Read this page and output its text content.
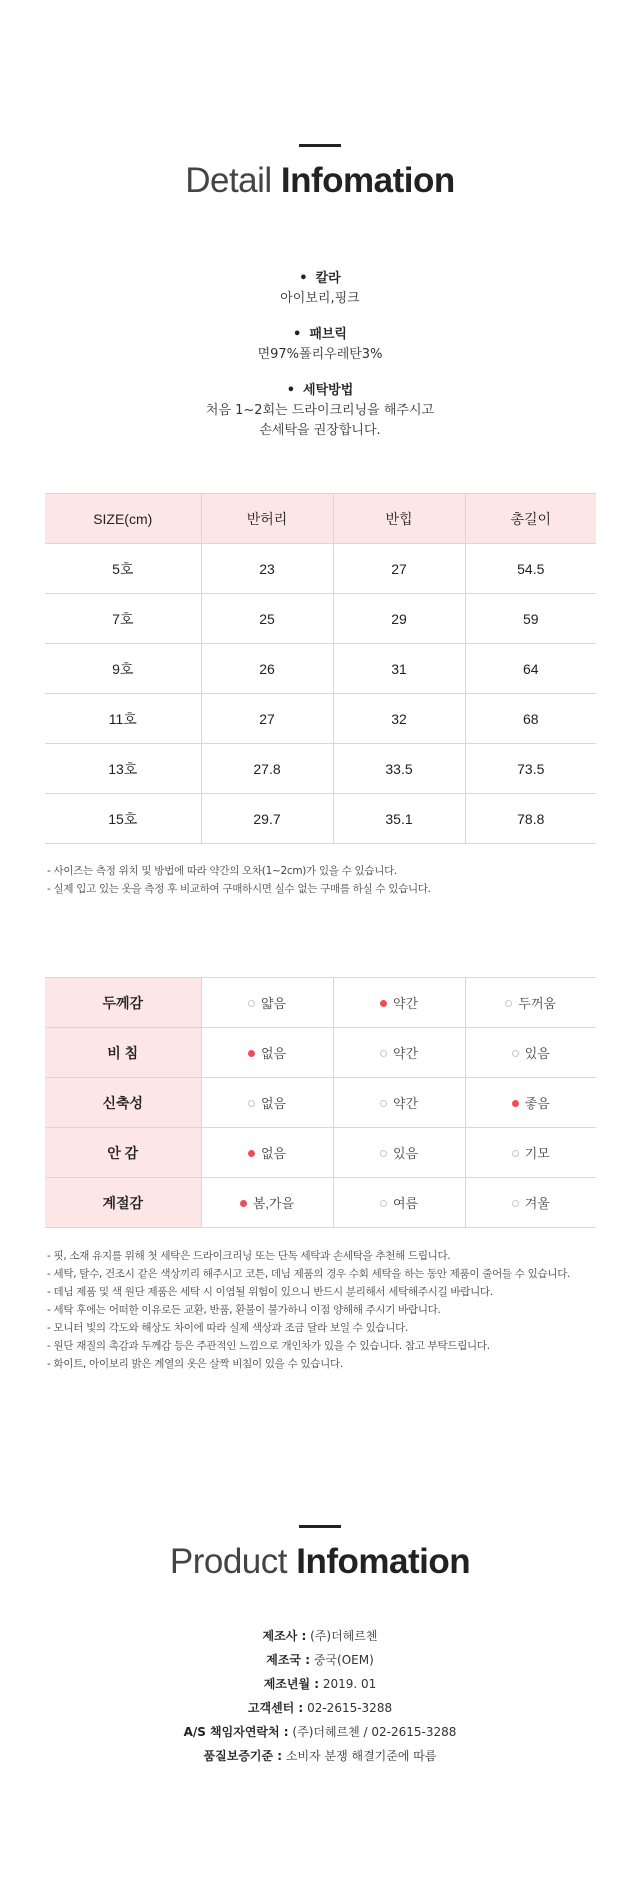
Detail Infomation
• 칼라
아이보리,핑크
• 패브릭
면97%폴리우레탄3%
• 세탁방법
처음 1~2회는 드라이크리닝을 해주시고
손세탁을 권장합니다.
SIZE(cm)	반허리	반힙	총길이
5호	23	27	54.5
7호	25	29	59
9호	26	31	64
11호	27	32	68
13호	27.8	33.5	73.5
15호	29.7	35.1	78.8
- 사이즈는 측정 위치 및 방법에 따라 약간의 오차(1~2cm)가 있을 수 있습니다.
- 실제 입고 있는 옷을 측정 후 비교하여 구매하시면 실수 없는 구매를 하실 수 있습니다.
두께감	얇음	약간	두꺼움
비 침	없음	약간	있음
신축성	없음	약간	좋음
안 감	없음	있음	기모
계절감	봄,가을	여름	겨울
- 핏, 소재 유지를 위해 첫 세탁은 드라이크리닝 또는 단독 세탁과 손세탁을 추천해 드립니다.
- 세탁, 탈수, 건조시 같은 색상끼리 해주시고 코튼, 데님 제품의 경우 수회 세탁을 하는 동안 제품이 줄어들 수 있습니다.
- 데님 제품 및 색 원단 제품은 세탁 시 이염될 위험이 있으니 반드시 분리해서 세탁해주시길 바랍니다.
- 세탁 후에는 어떠한 이유로든 교환, 반품, 환불이 불가하니 이점 양해해 주시기 바랍니다.
- 모니터 빛의 각도와 해상도 차이에 따라 실제 색상과 조금 달라 보일 수 있습니다.
- 원단 재질의 촉감과 두께감 등은 주관적인 느낌으로 개인차가 있을 수 있습니다. 참고 부탁드립니다.
- 화이트, 아이보리 밝은 계열의 옷은 살짝 비침이 있을 수 있습니다.
Product Infomation
제조사 : (주)더헤르첸
제조국 : 중국(OEM)
제조년월 : 2019. 01
고객센터 : 02-2615-3288
A/S 책임자연락처 : (주)더헤르첸 / 02-2615-3288
품질보증기준 : 소비자 분쟁 해결기준에 따름
